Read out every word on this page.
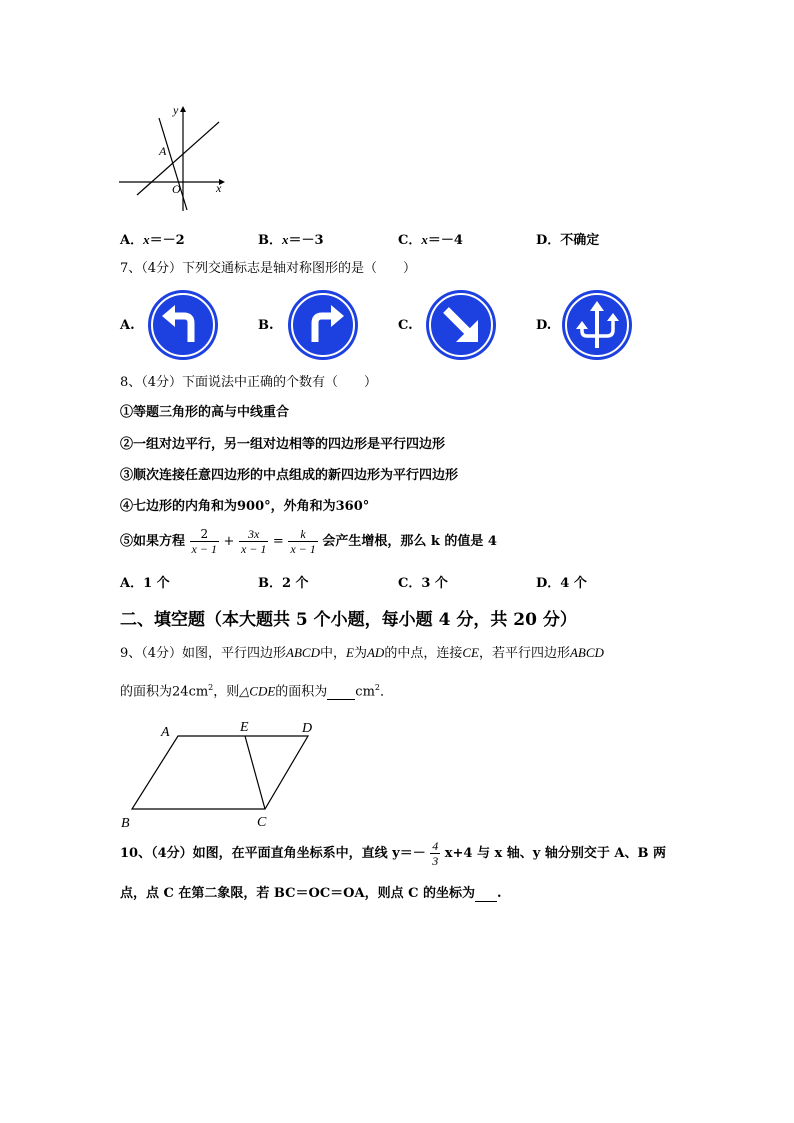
y
A
O	x
A．x＝－2	B．x＝－3	C．x＝－4	D．不确定
7、（4分）下列交通标志是轴对称图形的是（　　）
A.	B.	C.	D.
8、（4分）下面说法中正确的个数有（　　）
①等题三角形的高与中线重合
②一组对边平行，另一组对边相等的四边形是平行四边形
③顺次连接任意四边形的中点组成的新四边形为平行四边形
④七边形的内角和为900°，外角和为360°
⑤如果方程 $\frac{2}{x - 1} + \frac{3x}{x - 1} = \frac{k}{x - 1}$ 会产生增根，那么 k 的值是 4
A．1 个	B．2 个	C．3 个	D．4 个
二、填空题（本大题共 5 个小题，每小题 4 分，共 20 分）
9、（4分）如图，平行四边形ABCD中，E为AD的中点，连接CE，若平行四边形ABCD
的面积为$24cm^2$，则△CDE的面积为 $cm^2$．
A	E	D
B	C
10、（4分）如图，在平面直角坐标系中，直线 $y=- \frac{4}{3} x+4$ 与 x 轴、y 轴分别交于 A、B 两
点，点 C 在第二象限，若 BC＝OC＝OA，则点 C 的坐标为 .
